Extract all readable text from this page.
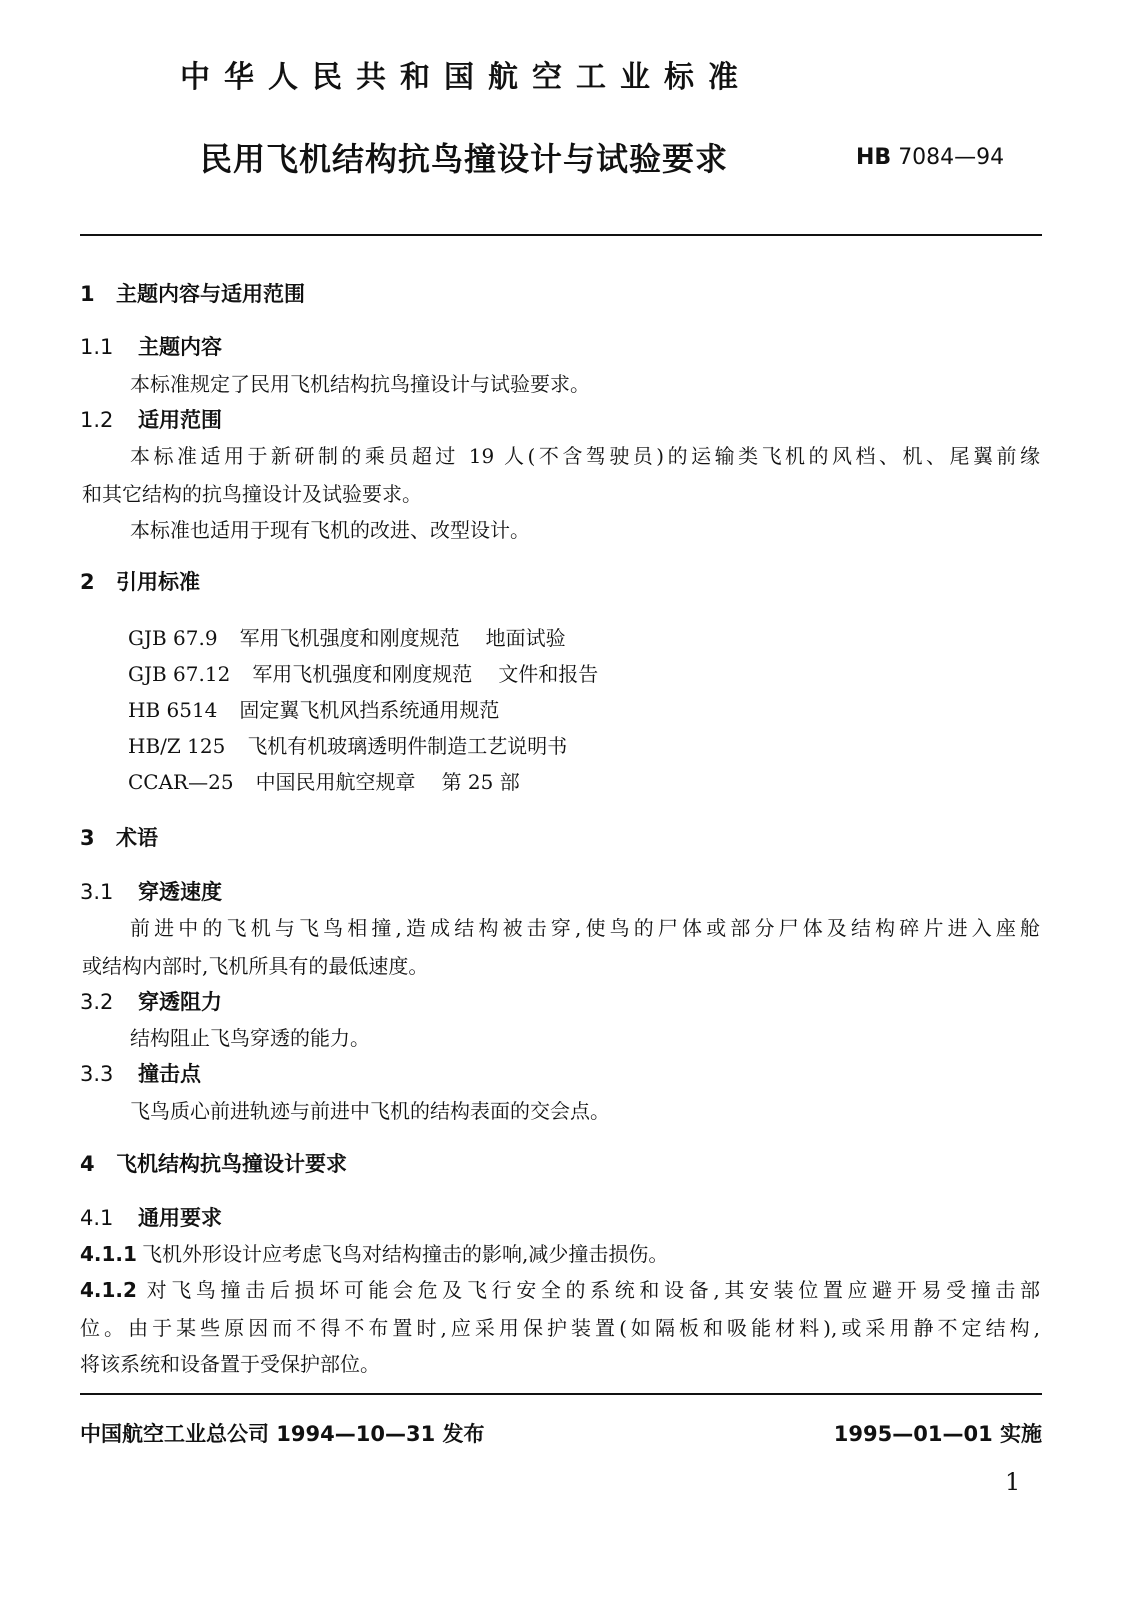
中华人民共和国航空工业标准
民用飞机结构抗鸟撞设计与试验要求	HB 7084—94
1 主题内容与适用范围
1.1 主题内容
本标准规定了民用飞机结构抗鸟撞设计与试验要求。
1.2 适用范围
本标准适用于新研制的乘员超过 19 人(不含驾驶员)的运输类飞机的风档、机、尾翼前缘
和其它结构的抗鸟撞设计及试验要求。
本标准也适用于现有飞机的改进、改型设计。
2 引用标准
GJB 67.9 军用飞机强度和刚度规范 地面试验
GJB 67.12 军用飞机强度和刚度规范 文件和报告
HB 6514 固定翼飞机风挡系统通用规范
HB/Z 125 飞机有机玻璃透明件制造工艺说明书
CCAR—25 中国民用航空规章 第 25 部
3 术语
3.1 穿透速度
前进中的飞机与飞鸟相撞,造成结构被击穿,使鸟的尸体或部分尸体及结构碎片进入座舱
或结构内部时,飞机所具有的最低速度。
3.2 穿透阻力
结构阻止飞鸟穿透的能力。
3.3 撞击点
飞鸟质心前进轨迹与前进中飞机的结构表面的交会点。
4 飞机结构抗鸟撞设计要求
4.1 通用要求
4.1.1 飞机外形设计应考虑飞鸟对结构撞击的影响,减少撞击损伤。
4.1.2 对飞鸟撞击后损坏可能会危及飞行安全的系统和设备,其安装位置应避开易受撞击部
位。由于某些原因而不得不布置时,应采用保护装置(如隔板和吸能材料),或采用静不定结构,
将该系统和设备置于受保护部位。
中国航空工业总公司 1994—10—31 发布	1995—01—01 实施
1
